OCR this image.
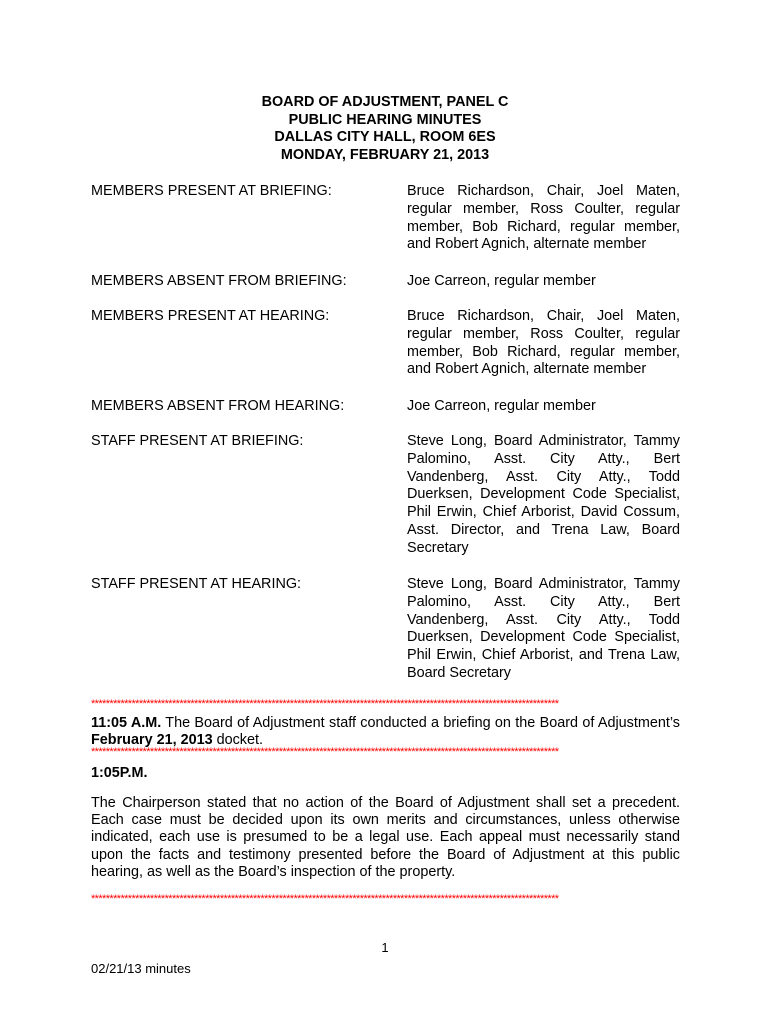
BOARD OF ADJUSTMENT, PANEL C
PUBLIC HEARING MINUTES
DALLAS CITY HALL, ROOM 6ES
MONDAY, FEBRUARY 21, 2013
MEMBERS PRESENT AT BRIEFING:	Bruce Richardson, Chair, Joel Maten, regular member, Ross Coulter, regular member, Bob Richard, regular member, and Robert Agnich, alternate member
MEMBERS ABSENT FROM BRIEFING:	Joe Carreon, regular member
MEMBERS PRESENT AT HEARING:	Bruce Richardson, Chair, Joel Maten, regular member, Ross Coulter, regular member, Bob Richard, regular member, and Robert Agnich, alternate member
MEMBERS ABSENT FROM HEARING:	Joe Carreon, regular member
STAFF PRESENT AT BRIEFING:	Steve Long, Board Administrator, Tammy Palomino, Asst. City Atty., Bert Vandenberg, Asst. City Atty., Todd Duerksen, Development Code Specialist, Phil Erwin, Chief Arborist, David Cossum, Asst. Director, and Trena Law, Board Secretary
STAFF PRESENT AT HEARING:	Steve Long, Board Administrator, Tammy Palomino, Asst. City Atty., Bert Vandenberg, Asst. City Atty., Todd Duerksen, Development Code Specialist, Phil Erwin, Chief Arborist, and Trena Law, Board Secretary
*******************************************************************************************************************************
11:05 A.M. The Board of Adjustment staff conducted a briefing on the Board of Adjustment’s February 21, 2013 docket.
*******************************************************************************************************************************
1:05P.M.
The Chairperson stated that no action of the Board of Adjustment shall set a precedent. Each case must be decided upon its own merits and circumstances, unless otherwise indicated, each use is presumed to be a legal use. Each appeal must necessarily stand upon the facts and testimony presented before the Board of Adjustment at this public hearing, as well as the Board’s inspection of the property.
*******************************************************************************************************************************
1
02/21/13 minutes
